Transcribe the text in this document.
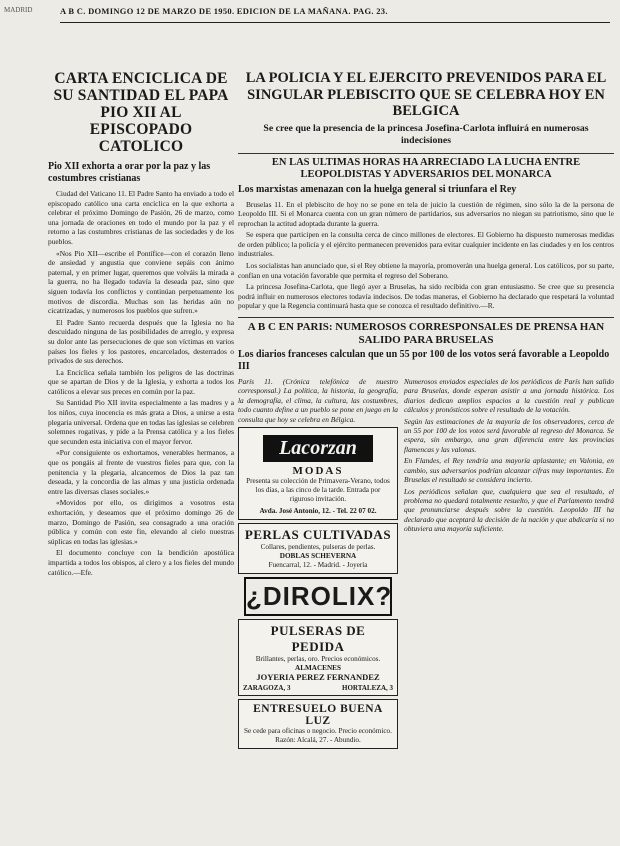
MADRID	A B C. DOMINGO 12 DE MARZO DE 1950. EDICION DE LA MAÑANA. PAG. 23.
CARTA ENCICLICA DE SU SANTIDAD EL PAPA PIO XII AL EPISCOPADO CATOLICO
Pio XII exhorta a orar por la paz y las costumbres cristianas
Ciudad del Vaticano 11. El Padre Santo ha enviado a todo el episcopado católico una carta encíclica en la que exhorta a celebrar el próximo Domingo de Pasión, 26 de marzo, como una jornada de oraciones en todo el mundo por la paz y el retorno a las costumbres cristianas de las sociedades y de los pueblos.
«Nos Pio XII—escribe el Pontífice—con el corazón lleno de ansiedad y angustia que conviene sepáis con ánimo paternal, y en primer lugar, queremos que volváis la mirada a la guerra, no ha llegado todavía la deseada paz, sino que siguen todavía los conflictos y continúan perpetuamente los motivos de discordia. Muchas son las heridas aún no cicatrizadas, y numerosos los pueblos que sufren.»
El Padre Santo recuerda después que la Iglesia no ha descuidado ninguna de las posibilidades de arreglo, y expresa su dolor ante las persecuciones de que son víctimas en varios países los fieles y los pastores, encarcelados, desterrados o privados de sus derechos.
La Encíclica señala también los peligros de las doctrinas que se apartan de Dios y de la Iglesia, y exhorta a todos los católicos a elevar sus preces en común por la paz.
Su Santidad Pio XII invita especialmente a las madres y a los niños, cuya inocencia es más grata a Dios, a unirse a esta plegaria universal. Ordena que en todas las iglesias se celebren solemnes rogativas, y pide a la Prensa católica y a los fieles que secunden esta iniciativa con el mayor fervor.
«Por consiguiente os exhortamos, venerables hermanos, a que os pongáis al frente de vuestros fieles para que, con la penitencia y la plegaria, alcancemos de Dios la paz tan deseada, y la concordia de las almas y una justicia ordenada entre las diversas clases sociales.»
«Movidos por ello, os dirigimos a vosotros esta exhortación, y deseamos que el próximo domingo 26 de marzo, Domingo de Pasión, sea consagrado a una oración pública y común con este fin, elevando al cielo nuestras súplicas en todas las iglesias.»
El documento concluye con la bendición apostólica impartida a todos los obispos, al clero y a los fieles del mundo católico.—Efe.
LA POLICIA Y EL EJERCITO PREVENIDOS PARA EL SINGULAR PLEBISCITO QUE SE CELEBRA HOY EN BELGICA
Se cree que la presencia de la princesa Josefina-Carlota influirá en numerosas indecisiones
EN LAS ULTIMAS HORAS HA ARRECIADO LA LUCHA ENTRE LEOPOLDISTAS Y ADVERSARIOS DEL MONARCA
Los marxistas amenazan con la huelga general si triunfara el Rey
Bruselas 11. En el plebiscito de hoy no se pone en tela de juicio la cuestión de régimen, sino sólo la de la persona de Leopoldo III. Si el Monarca cuenta con un gran número de partidarios, sus adversarios no niegan su patriotismo, sino que le reprochan la actitud adoptada durante la guerra.
Se espera que participen en la consulta cerca de cinco millones de electores. El Gobierno ha dispuesto numerosas medidas de orden público; la policía y el ejército permanecen prevenidos para evitar cualquier incidente en las ciudades y en los centros industriales.
Los socialistas han anunciado que, si el Rey obtiene la mayoría, promoverán una huelga general. Los católicos, por su parte, confían en una votación favorable que permita el regreso del Soberano.
La princesa Josefina-Carlota, que llegó ayer a Bruselas, ha sido recibida con gran entusiasmo. Se cree que su presencia podrá influir en numerosos electores todavía indecisos. De todas maneras, el Gobierno ha declarado que respetará la voluntad popular y que la Regencia continuará hasta que se conozca el resultado definitivo.—R.
A B C EN PARIS: NUMEROSOS CORRESPONSALES DE PRENSA HAN SALIDO PARA BRUSELAS
Los diarios franceses calculan que un 55 por 100 de los votos será favorable a Leopoldo III
París 11. (Crónica telefónica de nuestro corresponsal.) La política, la historia, la geografía, la demografía, el clima, la cultura, las costumbres, todo cuanto define a un pueblo se pone en juego en la consulta que hoy se celebra en Bélgica.
Lacorzan
MODAS
Presenta su colección de Primavera-Verano, todos los días, a las cinco de la tarde. Entrada por riguroso invitación.
Avda. José Antonio, 12. - Tel. 22 07 02.
PERLAS CULTIVADAS
Collares, pendientes, pulseras de perlas.
DOBLAS SCHEVERNA
Fuencarral, 12. - Madrid. - Joyería
¿DIROLIX?
PULSERAS DE PEDIDA
Brillantes, perlas, oro. Precios económicos.
ALMACENES
JOYERIA PEREZ FERNANDEZ
ZARAGOZA, 3	HORTALEZA, 3
ENTRESUELO BUENA LUZ
Se cede para oficinas o negocio. Precio económico. Razón: Alcalá, 27. - Abundio.
Numerosos enviados especiales de los periódicos de París han salido para Bruselas, donde esperan asistir a una jornada histórica. Los diarios dedican amplios espacios a la cuestión real y publican cálculos y pronósticos sobre el resultado de la votación.
Según las estimaciones de la mayoría de los observadores, cerca de un 55 por 100 de los votos será favorable al regreso del Monarca. Se espera, sin embargo, una gran diferencia entre las provincias flamencas y las valonas.
En Flandes, el Rey tendría una mayoría aplastante; en Valonia, en cambio, sus adversarios podrían alcanzar cifras muy importantes. En Bruselas el resultado se considera incierto.
Los periódicos señalan que, cualquiera que sea el resultado, el problema no quedará totalmente resuelto, y que el Parlamento tendrá que pronunciarse después sobre la cuestión. Leopoldo III ha declarado que aceptará la decisión de la nación y que abdicaría si no obtuviera una mayoría suficiente.
